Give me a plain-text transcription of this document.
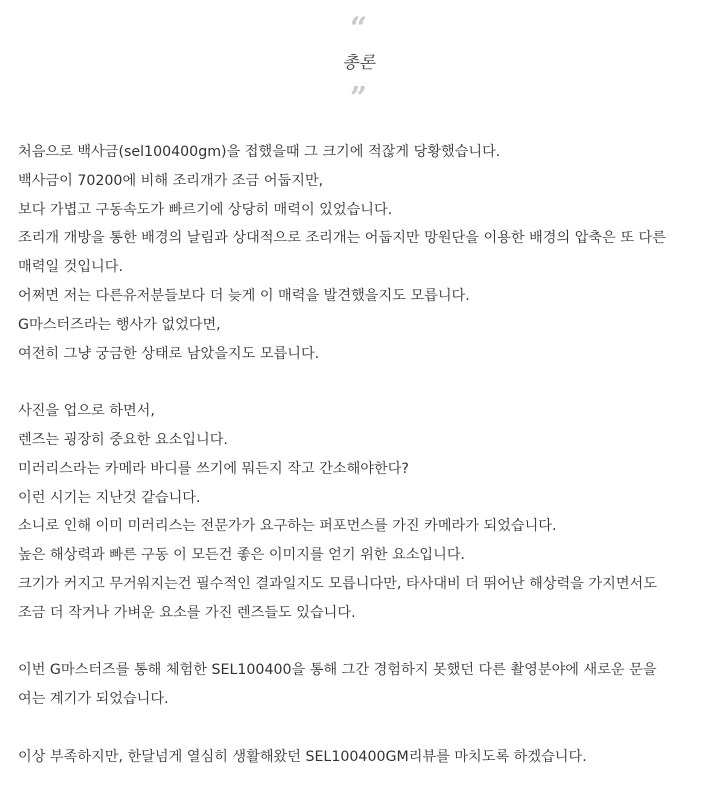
“
총론
”
처음으로 백사금(sel100400gm)을 접했을때 그 크기에 적잖게 당황했습니다.
백사금이 70200에 비해 조리개가 조금 어둡지만,
보다 가볍고 구동속도가 빠르기에 상당히 매력이 있었습니다.
조리개 개방을 통한 배경의 날림과 상대적으로 조리개는 어둡지만 망원단을 이용한 배경의 압축은 또 다른
매력일 것입니다.
어쩌면 저는 다른유저분들보다 더 늦게 이 매력을 발견했을지도 모릅니다.
G마스터즈라는 행사가 없었다면,
여전히 그냥 궁금한 상태로 남았을지도 모릅니다.
사진을 업으로 하면서,
렌즈는 굉장히 중요한 요소입니다.
미러리스라는 카메라 바디를 쓰기에 뭐든지 작고 간소해야한다?
이런 시기는 지난것 같습니다.
소니로 인해 이미 미러리스는 전문가가 요구하는 퍼포먼스를 가진 카메라가 되었습니다.
높은 해상력과 빠른 구동 이 모든건 좋은 이미지를 얻기 위한 요소입니다.
크기가 커지고 무거워지는건 필수적인 결과일지도 모릅니다만, 타사대비 더 뛰어난 해상력을 가지면서도
조금 더 작거나 가벼운 요소를 가진 렌즈들도 있습니다.
이번 G마스터즈를 통해 체험한 SEL100400을 통해 그간 경험하지 못했던 다른 촬영분야에 새로운 문을
여는 계기가 되었습니다.
이상 부족하지만, 한달넘게 열심히 생활해왔던 SEL100400GM리뷰를 마치도록 하겠습니다.
